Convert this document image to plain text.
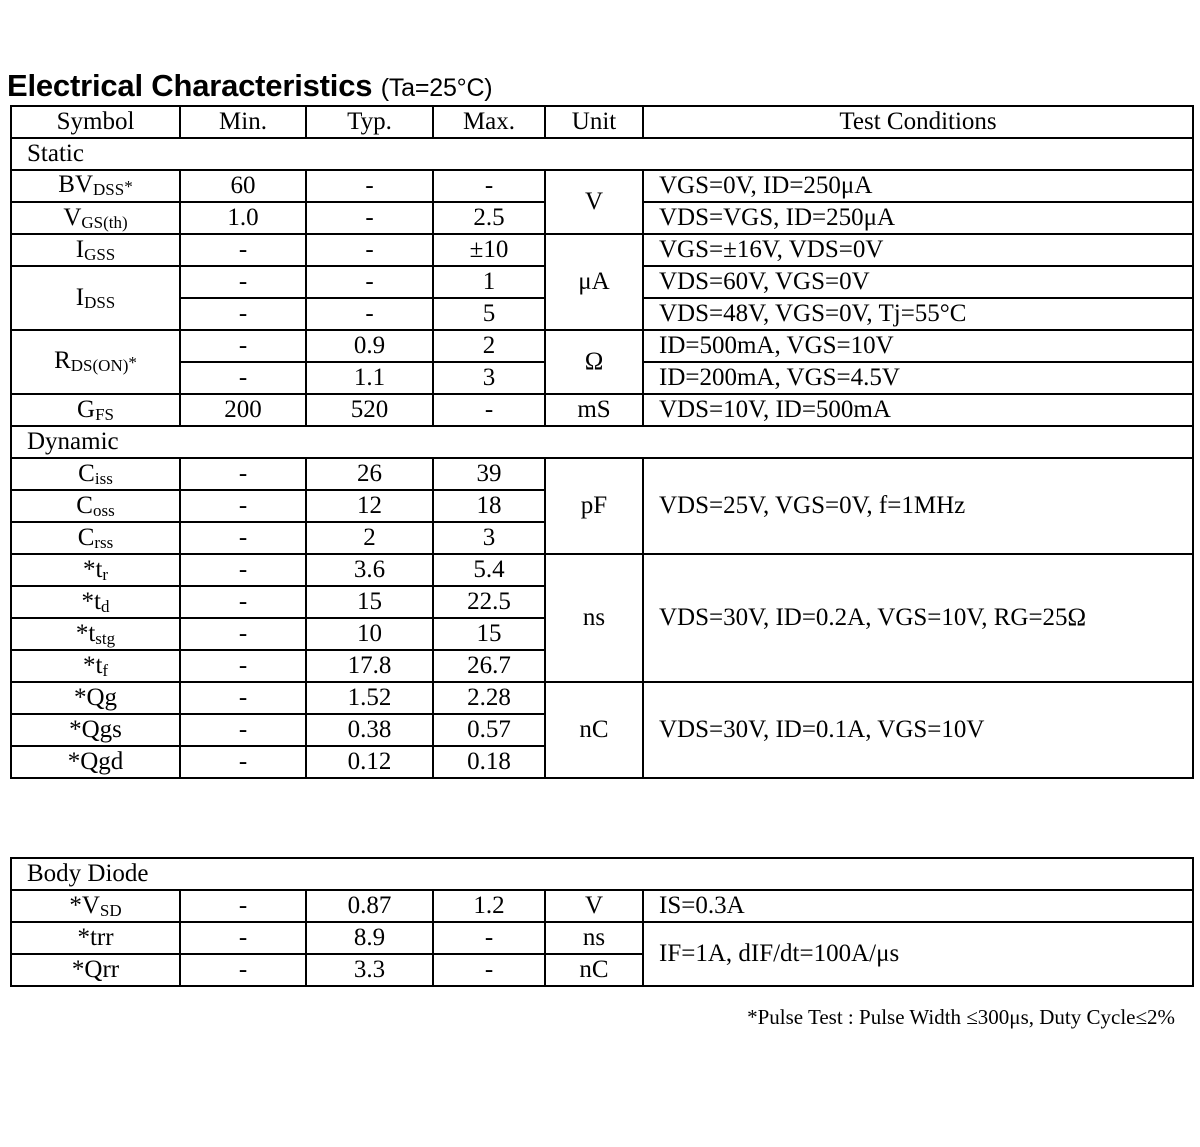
Electrical Characteristics (Ta=25°C)
Symbol	Min.	Typ.	Max.	Unit	Test Conditions
Static					
BVDSS*	60	-	-	V	VGS=0V, ID=250μA
VGS(th)	1.0	-	2.5		VDS=VGS, ID=250μA
IGSS	-	-	±10	μA	VGS=±16V, VDS=0V
IDSS	-	-	1		VDS=60V, VGS=0V
	-	-	5		VDS=48V, VGS=0V, Tj=55°C
RDS(ON)*	-	0.9	2	Ω	ID=500mA, VGS=10V
	-	1.1	3		ID=200mA, VGS=4.5V
GFS	200	520	-	mS	VDS=10V, ID=500mA
Dynamic					
Ciss	-	26	39	pF	VDS=25V, VGS=0V, f=1MHz
Coss	-	12	18		
Crss	-	2	3		
*tr	-	3.6	5.4	ns	VDS=30V, ID=0.2A, VGS=10V, RG=25Ω
*td	-	15	22.5		
*tstg	-	10	15		
*tf	-	17.8	26.7		
*Qg	-	1.52	2.28	nC	VDS=30V, ID=0.1A, VGS=10V
*Qgs	-	0.38	0.57		
*Qgd	-	0.12	0.18		
Body Diode					
*VSD	-	0.87	1.2	V	IS=0.3A
*trr	-	8.9	-	ns	IF=1A, dIF/dt=100A/μs
*Qrr	-	3.3	-	nC	
*Pulse Test : Pulse Width ≤300μs, Duty Cycle≤2%
